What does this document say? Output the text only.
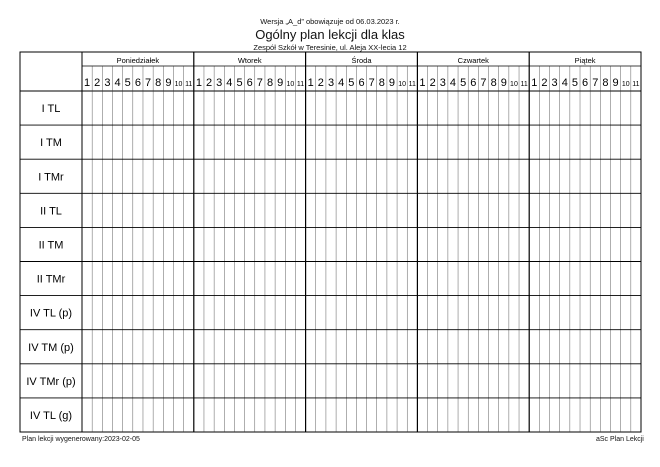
Wersja „A_d” obowiązuje od 06.03.2023 r.
Ogólny plan lekcji dla klas
Zespół Szkół w Teresinie, ul. Aleja XX-lecia 12
Poniedziałek
1 2 3 4 5 6 7 8 9 10 11
Wtorek
1 2 3 4 5 6 7 8 9 10 11
Środa
1 2 3 4 5 6 7 8 9 10 11
Czwartek
1 2 3 4 5 6 7 8 9 10 11
Piątek
1 2 3 4 5 6 7 8 9 10 11
I TL
I TM
I TMr
II TL
II TM
II TMr
IV TL (p)
IV TM (p)
IV TMr (p)
IV TL (g)
Plan lekcji wygenerowany:2023-02-05	aSc Plan Lekcji
